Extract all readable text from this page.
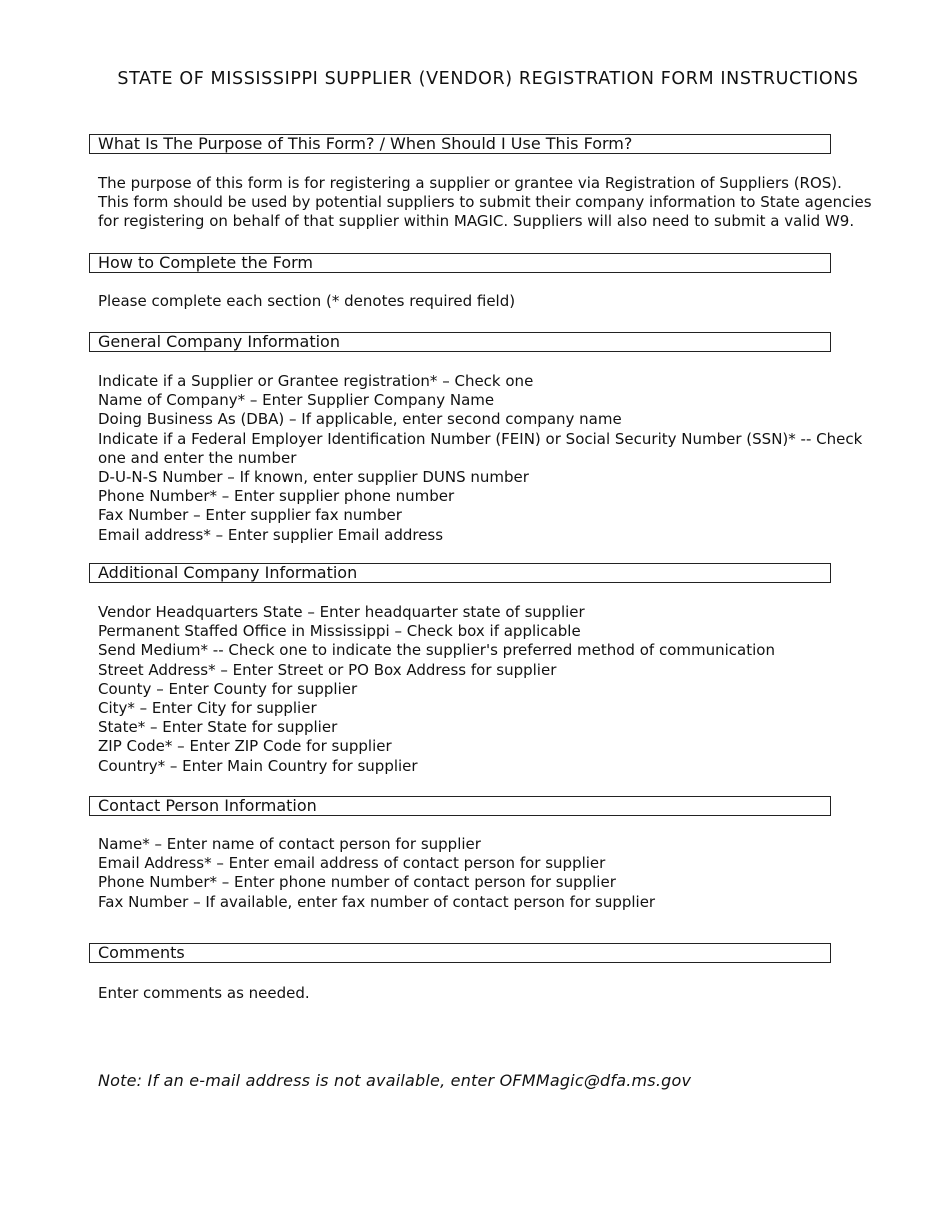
STATE OF MISSISSIPPI SUPPLIER (VENDOR) REGISTRATION FORM INSTRUCTIONS
What Is The Purpose of This Form? / When Should I Use This Form?

The purpose of this form is for registering a supplier or grantee via Registration of Suppliers (ROS).

This form should be used by potential suppliers to submit their company information to State agencies

for registering on behalf of that supplier within MAGIC. Suppliers will also need to submit a valid W9.

How to Complete the Form

Please complete each section (* denotes required field)

General Company Information

Indicate if a Supplier or Grantee registration* – Check one

Name of Company* – Enter Supplier Company Name

Doing Business As (DBA) – If applicable, enter second company name

Indicate if a Federal Employer Identification Number (FEIN) or Social Security Number (SSN)* -- Check one and enter the number

D-U-N-S Number – If known, enter supplier DUNS number

Phone Number* – Enter supplier phone number

Fax Number – Enter supplier fax number

Email address* – Enter supplier Email address

Additional Company Information

Vendor Headquarters State – Enter headquarter state of supplier

Permanent Staffed Office in Mississippi – Check box if applicable

Send Medium* -- Check one to indicate the supplier's preferred method of communication

Street Address* – Enter Street or PO Box Address for supplier

County – Enter County for supplier

City* – Enter City for supplier

State* – Enter State for supplier

ZIP Code* – Enter ZIP Code for supplier

Country* – Enter Main Country for supplier

Contact Person Information

Name* – Enter name of contact person for supplier

Email Address* – Enter email address of contact person for supplier

Phone Number* – Enter phone number of contact person for supplier

Fax Number – If available, enter fax number of contact person for supplier

Comments

Enter comments as needed.

Note: If an e-mail address is not available, enter OFMMagic@dfa.ms.gov
